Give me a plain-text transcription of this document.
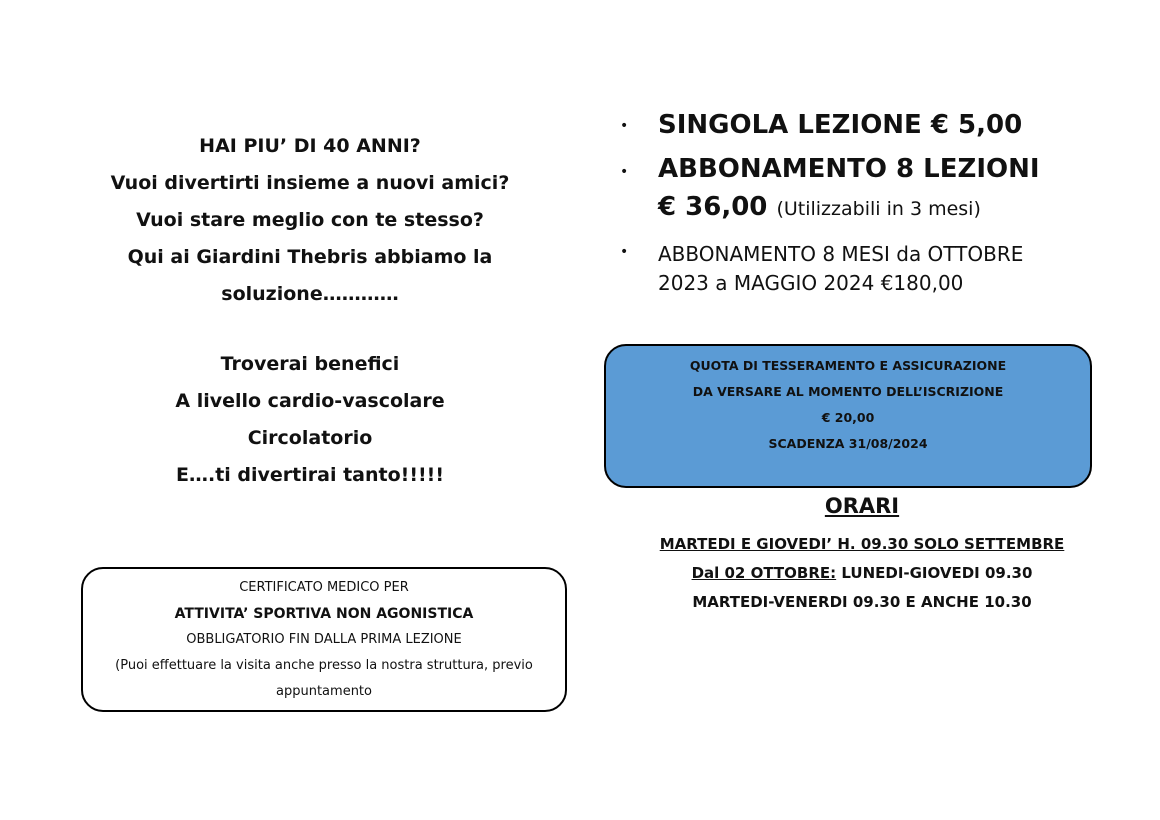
HAI PIU’ DI 40 ANNI?
Vuoi divertirti insieme a nuovi amici?
Vuoi stare meglio con te stesso?
Qui ai Giardini Thebris abbiamo la
soluzione…………
Troverai benefici
A livello cardio-vascolare
Circolatorio
E….ti divertirai tanto!!!!!
CERTIFICATO MEDICO PER
ATTIVITA’ SPORTIVA NON AGONISTICA
OBBLIGATORIO FIN DALLA PRIMA LEZIONE
(Puoi effettuare la visita anche presso la nostra struttura, previo
appuntamento
• SINGOLA LEZIONE € 5,00
• ABBONAMENTO 8 LEZIONI
€ 36,00 (Utilizzabili in 3 mesi)
• ABBONAMENTO 8 MESI da OTTOBRE
2023 a MAGGIO 2024 €180,00
QUOTA DI TESSERAMENTO E ASSICURAZIONE
DA VERSARE AL MOMENTO DELL’ISCRIZIONE
€ 20,00
SCADENZA 31/08/2024
ORARI
MARTEDI E GIOVEDI’ H. 09.30 SOLO SETTEMBRE
Dal 02 OTTOBRE: LUNEDI-GIOVEDI 09.30
MARTEDI-VENERDI 09.30 E ANCHE 10.30
